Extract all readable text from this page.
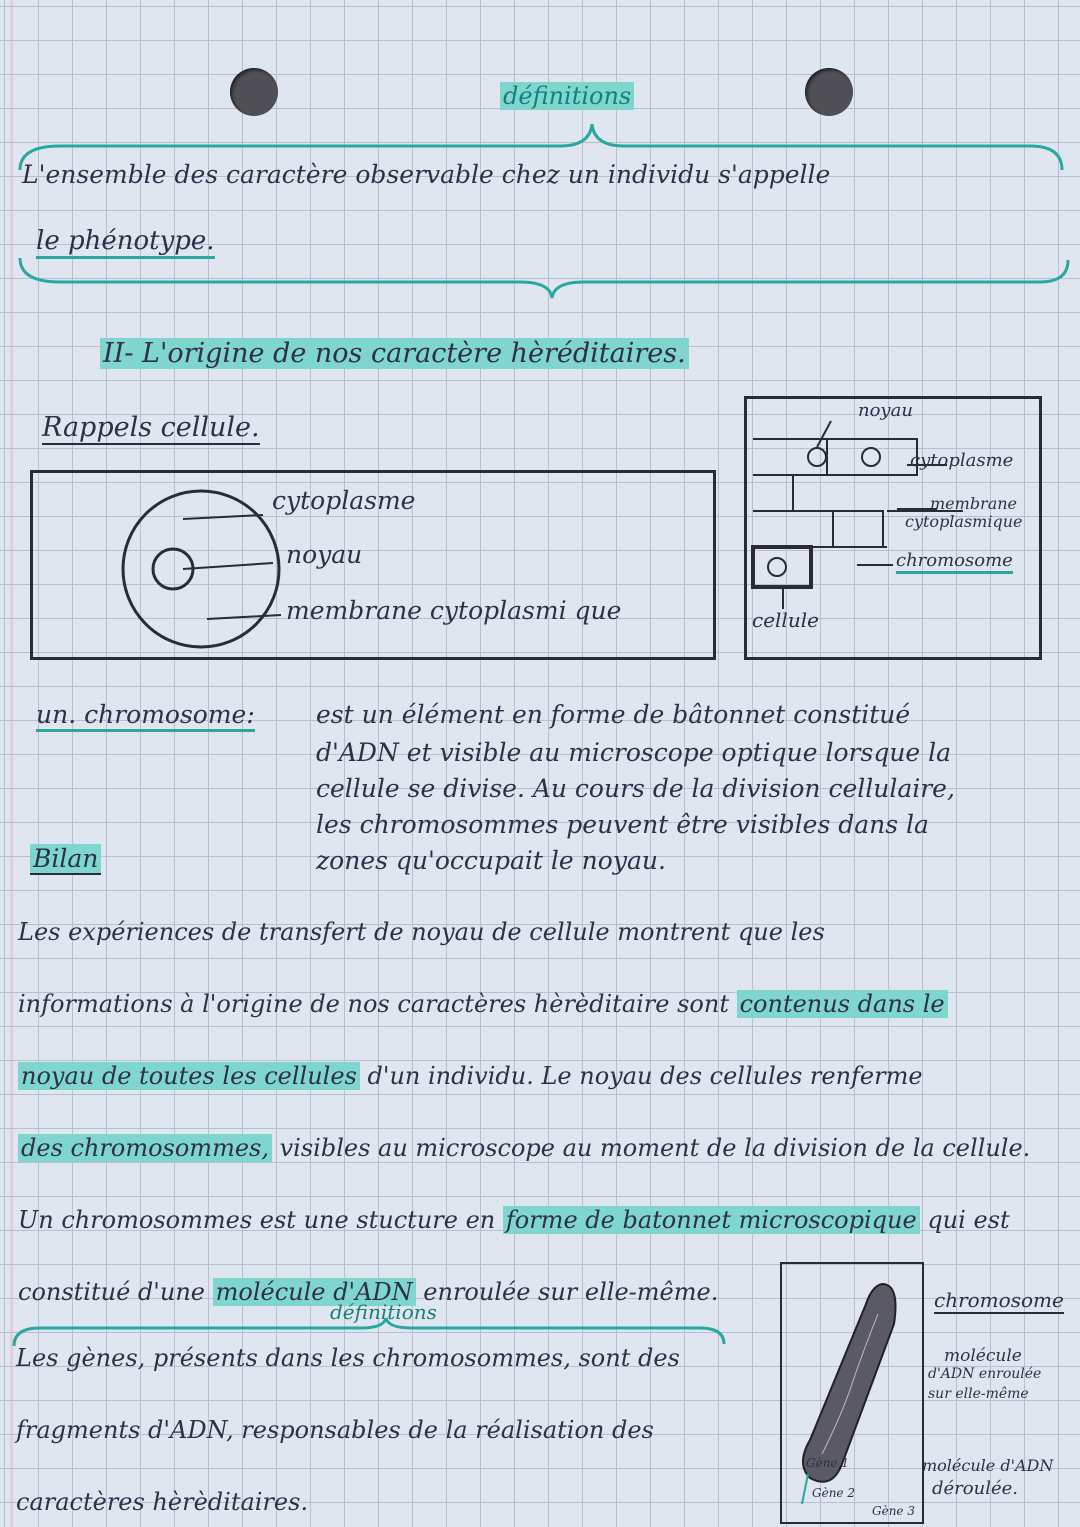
définitions
L'ensemble des caractère observable chez un individu s'appelle
le phénotype.
II- L'origine de nos caractère hèréditaires.
Rappels cellule.
cytoplasme
noyau
membrane cytoplasmi que
noyau
cytoplasme
membrane
cytoplasmique
chromosome
cellule
un. chromosome: est un élément en forme de bâtonnet constitué
d'ADN et visible au microscope optique lorsque la
cellule se divise. Au cours de la division cellulaire,
les chromosommes peuvent être visibles dans la
zones qu'occupait le noyau.
Bilan
Les expériences de transfert de noyau de cellule montrent que les
informations à l'origine de nos caractères hèrèditaire sont contenus dans le
noyau de toutes les cellules d'un individu. Le noyau des cellules renferme
des chromosommes, visibles au microscope au moment de la division de la cellule.
Un chromosommes est une stucture en forme de batonnet microscopique qui est
constitué d'une molécule d'ADN enroulée sur elle-même.
définitions
Les gènes, présents dans les chromosommes, sont des
fragments d'ADN, responsables de la réalisation des
caractères hèrèditaires.
chromosome
molécule
d'ADN enroulée
sur elle-même
molécule d'ADN
déroulée.
Gène 1
Gène 2
Gène 3
